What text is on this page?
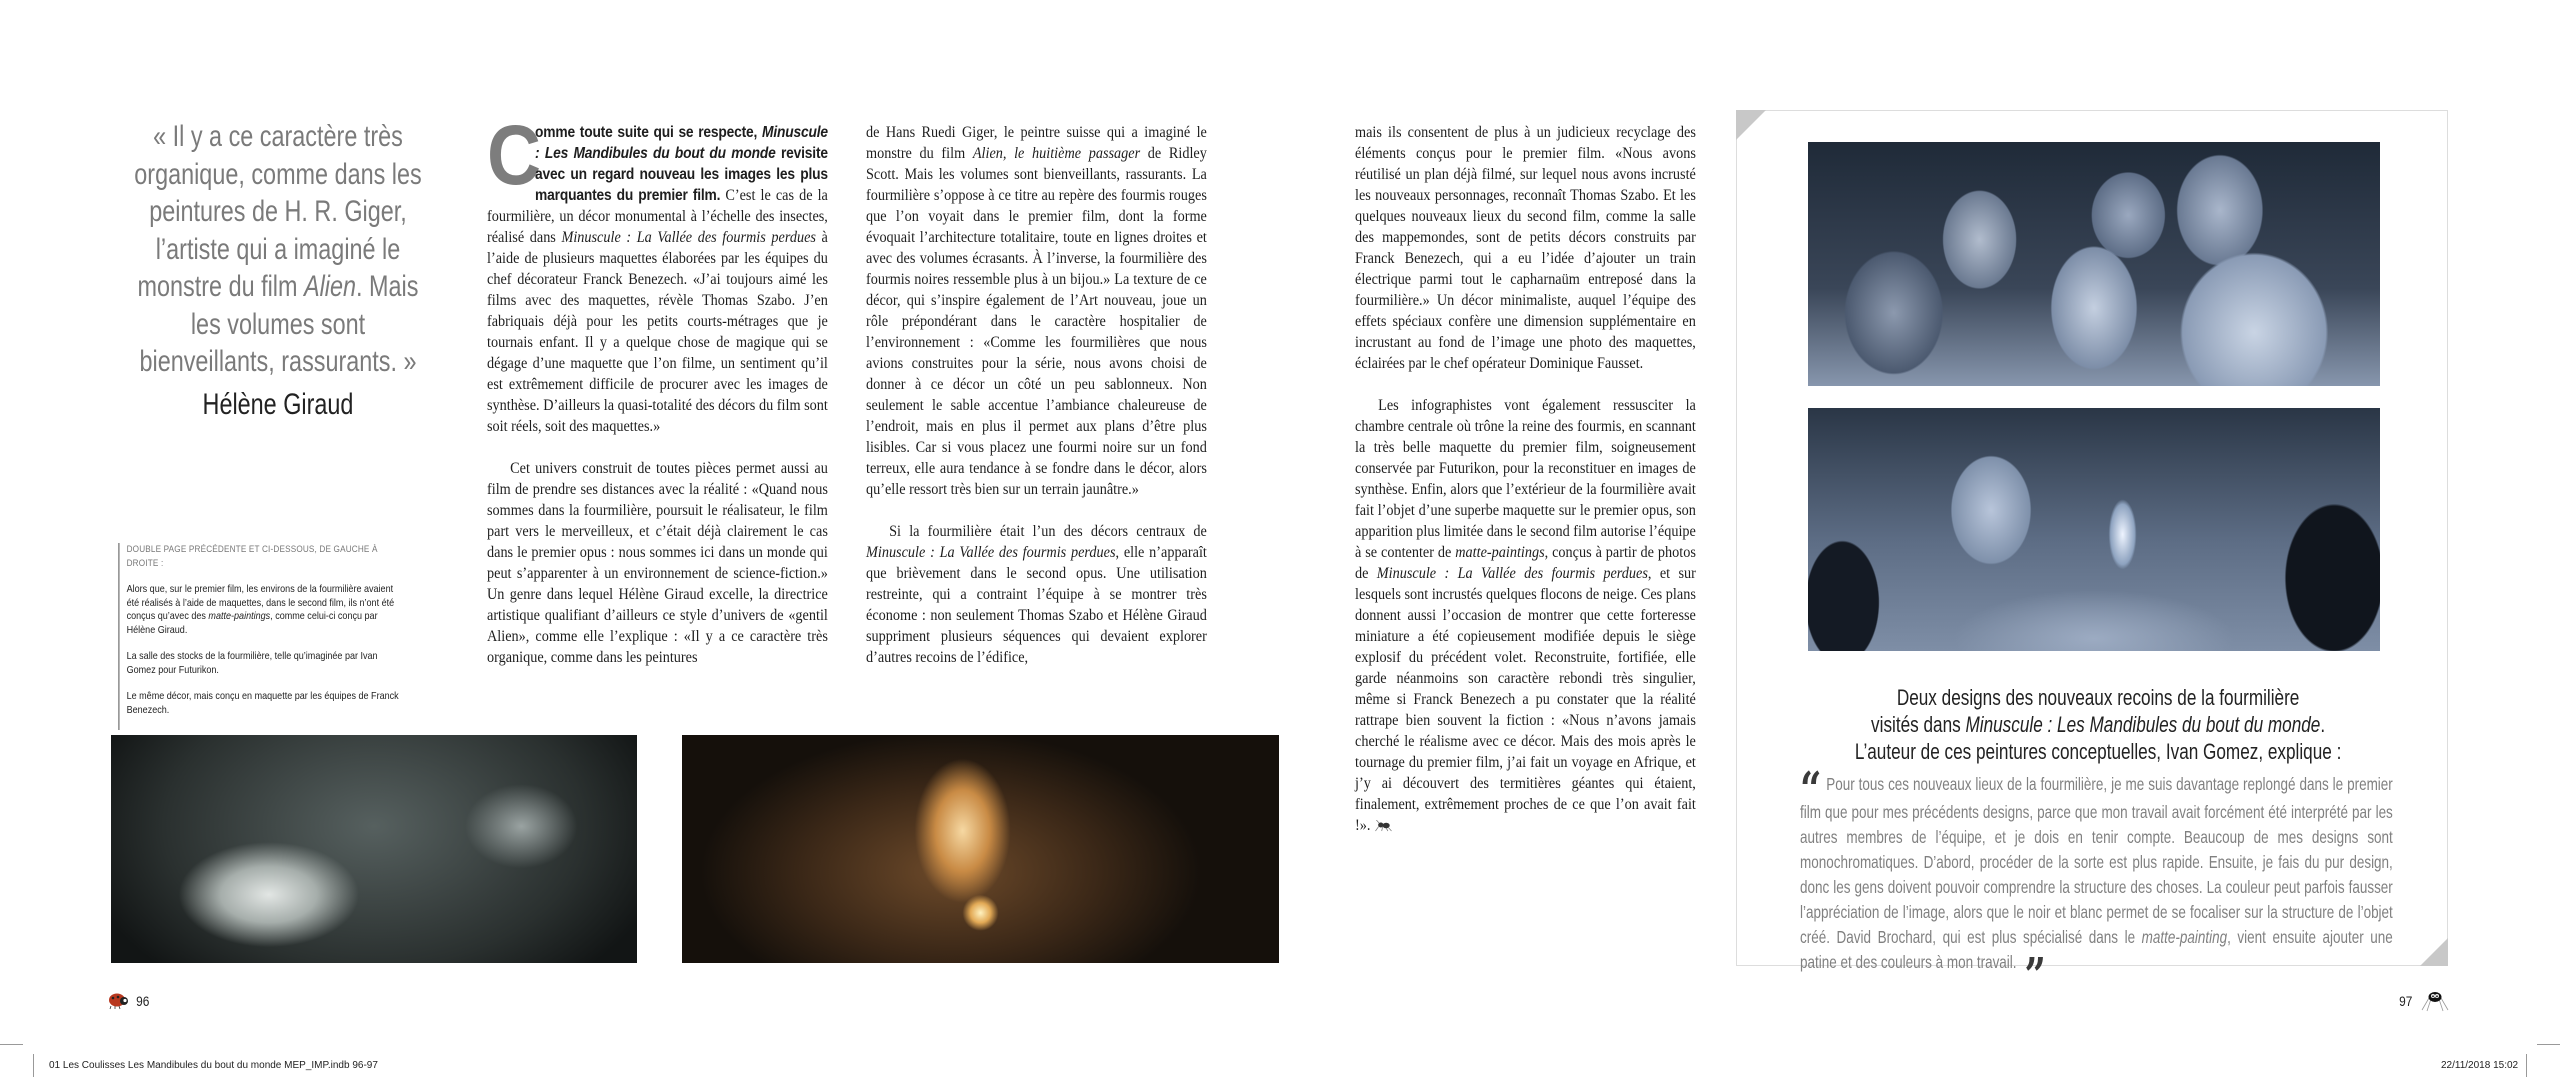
« Il y a ce caractère très organique, comme dans les peintures de H. R. Giger, l’artiste qui a imaginé le monstre du film Alien. Mais les volumes sont bienveillants, rassurants. »
Hélène Giraud

DOUBLE PAGE PRÉCÉDENTE ET CI-DESSOUS, DE GAUCHE À DROITE :

Alors que, sur le premier film, les environs de la fourmilière avaient été réalisés à l’aide de maquettes, dans le second film, ils n’ont été conçus qu’avec des matte-paintings, comme celui-ci conçu par Hélène Giraud.

La salle des stocks de la fourmilière, telle qu’imaginée par Ivan Gomez pour Futurikon.

Le même décor, mais conçu en maquette par les équipes de Franck Benezech.

C
omme toute suite qui se respecte, Minuscule : Les Mandibules du bout du monde revisite avec un regard nouveau les images les plus marquantes du premier film. C’est le cas de la fourmilière, un décor monumental à l’échelle des insectes, réalisé dans Minuscule : La Vallée des fourmis perdues à l’aide de plusieurs maquettes élaborées par les équipes du chef décorateur Franck Benezech. «J’ai toujours aimé les films avec des maquettes, révèle Thomas Szabo. J’en fabriquais déjà pour les petits courts-métrages que je tournais enfant. Il y a quelque chose de magique qui se dégage d’une maquette que l’on filme, un sentiment qu’il est extrêmement difficile de procurer avec les images de synthèse. D’ailleurs la quasi-totalité des décors du film sont soit réels, soit des maquettes.»

Cet univers construit de toutes pièces permet aussi au film de prendre ses distances avec la réalité : «Quand nous sommes dans la fourmilière, poursuit le réalisateur, le film part vers le merveilleux, et c’était déjà clairement le cas dans le premier opus : nous sommes ici dans un monde qui peut s’apparenter à un environnement de science-fiction.» Un genre dans lequel Hélène Giraud excelle, la directrice artistique qualifiant d’ailleurs ce style d’univers de «gentil Alien», comme elle l’explique : «Il y a ce caractère très organique, comme dans les peintures

de Hans Ruedi Giger, le peintre suisse qui a imaginé le monstre du film Alien, le huitième passager de Ridley Scott. Mais les volumes sont bienveillants, rassurants. La fourmilière s’oppose à ce titre au repère des fourmis rouges que l’on voyait dans le premier film, dont la forme évoquait l’architecture totalitaire, toute en lignes droites et avec des volumes écrasants. À l’inverse, la fourmilière des fourmis noires ressemble plus à un bijou.» La texture de ce décor, qui s’inspire également de l’Art nouveau, joue un rôle prépondérant dans le caractère hospitalier de l’environnement : «Comme les fourmilières que nous avions construites pour la série, nous avons choisi de donner à ce décor un côté un peu sablonneux. Non seulement le sable accentue l’ambiance chaleureuse de l’endroit, mais en plus il permet aux plans d’être plus lisibles. Car si vous placez une fourmi noire sur un fond terreux, elle aura tendance à se fondre dans le décor, alors qu’elle ressort très bien sur un terrain jaunâtre.»

Si la fourmilière était l’un des décors centraux de Minuscule : La Vallée des fourmis perdues, elle n’apparaît que brièvement dans le second opus. Une utilisation restreinte, qui a contraint l’équipe à se montrer très économe : non seulement Thomas Szabo et Hélène Giraud suppriment plusieurs séquences qui devaient explorer d’autres recoins de l’édifice,

mais ils consentent de plus à un judicieux recyclage des éléments conçus pour le premier film. «Nous avons réutilisé un plan déjà filmé, sur lequel nous avons incrusté les nouveaux personnages, reconnaît Thomas Szabo. Et les quelques nouveaux lieux du second film, comme la salle des mappemondes, sont de petits décors construits par Franck Benezech, qui a eu l’idée d’ajouter un train électrique parmi tout le capharnaüm entreposé dans la fourmilière.» Un décor minimaliste, auquel l’équipe des effets spéciaux confère une dimension supplémentaire en incrustant au fond de l’image une photo des maquettes, éclairées par le chef opérateur Dominique Fausset.

Les infographistes vont également ressusciter la chambre centrale où trône la reine des fourmis, en scannant la très belle maquette du premier film, soigneusement conservée par Futurikon, pour la reconstituer en images de synthèse. Enfin, alors que l’extérieur de la fourmilière avait fait l’objet d’une superbe maquette sur le premier opus, son apparition plus limitée dans le second film autorise l’équipe à se contenter de matte-paintings, conçus à partir de photos de Minuscule : La Vallée des fourmis perdues, et sur lesquels sont incrustés quelques flocons de neige. Ces plans donnent aussi l’occasion de montrer que cette forteresse miniature a été copieusement modifiée depuis le siège explosif du précédent volet. Reconstruite, fortifiée, elle garde néanmoins son caractère rebondi très singulier, même si Franck Benezech a pu constater que la réalité rattrape bien souvent la fiction : «Nous n’avons jamais cherché le réalisme avec ce décor. Mais des mois après le tournage du premier film, j’ai fait un voyage en Afrique, et j’y ai découvert des termitières géantes qui étaient, finalement, extrêmement proches de ce que l’on avait fait !».

Deux designs des nouveaux recoins de la fourmilière
visités dans Minuscule : Les Mandibules du bout du monde.
L’auteur de ces peintures conceptuelles, Ivan Gomez, explique :
“ Pour tous ces nouveaux lieux de la fourmilière, je me suis davantage replongé dans le premier film que pour mes précédents designs, parce que mon travail avait forcément été interprété par les autres membres de l’équipe, et je dois en tenir compte. Beaucoup de mes designs sont monochromatiques. D’abord, procéder de la sorte est plus rapide. Ensuite, je fais du pur design, donc les gens doivent pouvoir comprendre la structure des choses. La couleur peut parfois fausser l’appréciation de l’image, alors que le noir et blanc permet de se focaliser sur la structure de l’objet créé. David Brochard, qui est plus spécialisé dans le matte-painting, vient ensuite ajouter une patine et des couleurs à mon travail. ”
96	97
01 Les Coulisses Les Mandibules du bout du monde MEP_IMP.indb 96-97	22/11/2018 15:02
